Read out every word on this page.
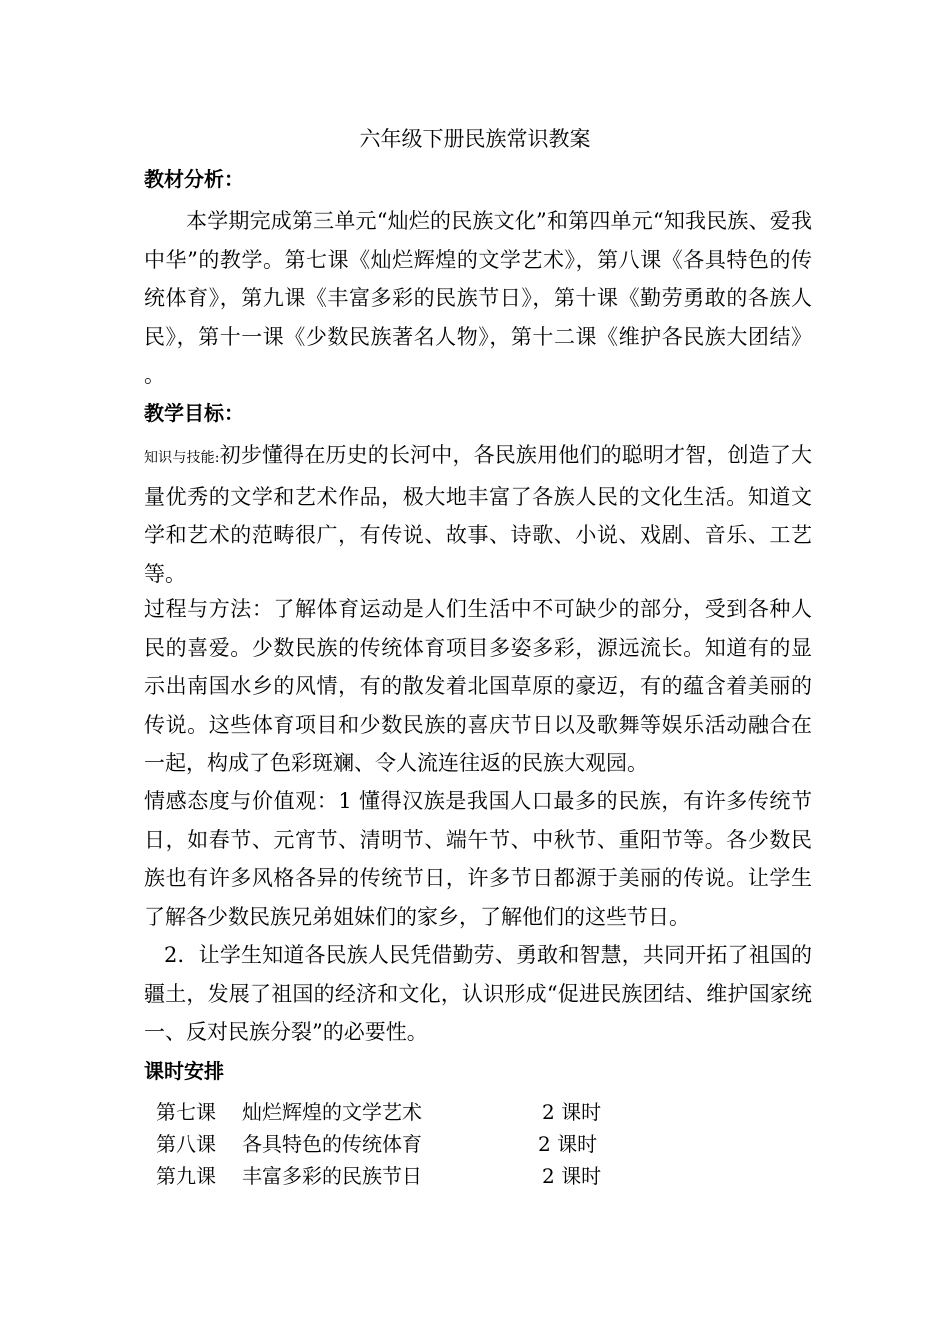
六年级下册民族常识教案
教材分析：
本学期完成第三单元“灿烂的民族文化”和第四单元“知我民族、爱我中华”的教学。第七课《灿烂辉煌的文学艺术》，第八课《各具特色的传统体育》，第九课《丰富多彩的民族节日》，第十课《勤劳勇敢的各族人民》，第十一课《少数民族著名人物》，第十二课《维护各民族大团结》 。
教学目标：
知识与技能:初步懂得在历史的长河中，各民族用他们的聪明才智，创造了大量优秀的文学和艺术作品，极大地丰富了各族人民的文化生活。知道文学和艺术的范畴很广，有传说、故事、诗歌、小说、戏剧、音乐、工艺等。
过程与方法：了解体育运动是人们生活中不可缺少的部分，受到各种人民的喜爱。少数民族的传统体育项目多姿多彩，源远流长。知道有的显示出南国水乡的风情，有的散发着北国草原的豪迈，有的蕴含着美丽的传说。这些体育项目和少数民族的喜庆节日以及歌舞等娱乐活动融合在一起，构成了色彩斑斓、令人流连往返的民族大观园。
情感态度与价值观：1 懂得汉族是我国人口最多的民族，有许多传统节日，如春节、元宵节、清明节、端午节、中秋节、重阳节等。各少数民族也有许多风格各异的传统节日，许多节日都源于美丽的传说。让学生了解各少数民族兄弟姐妹们的家乡，了解他们的这些节日。
2．让学生知道各民族人民凭借勤劳、勇敢和智慧，共同开拓了祖国的疆土，发展了祖国的经济和文化，认识形成“促进民族团结、维护国家统一、反对民族分裂”的必要性。
课时安排
第七课	灿烂辉煌的文学艺术	2 课时
第八课	各具特色的传统体育	2 课时
第九课	丰富多彩的民族节日	2 课时
